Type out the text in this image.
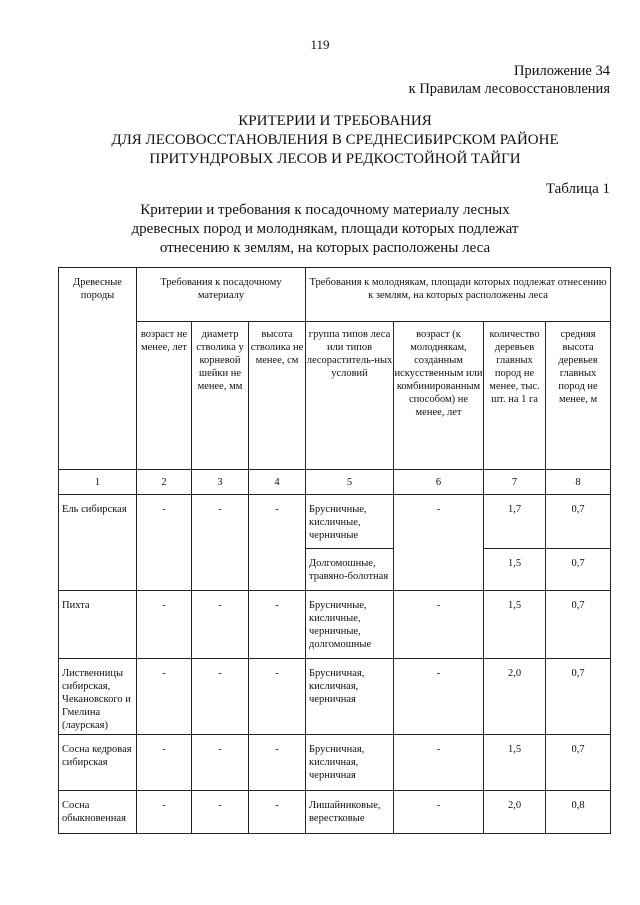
119
Приложение 34
к Правилам лесовосстановления
КРИТЕРИИ И ТРЕБОВАНИЯ
ДЛЯ ЛЕСОВОССТАНОВЛЕНИЯ В СРЕДНЕСИБИРСКОМ РАЙОНЕ
ПРИТУНДРОВЫХ ЛЕСОВ И РЕДКОСТОЙНОЙ ТАЙГИ
Таблица 1
Критерии и требования к посадочному материалу лесных
древесных пород и молоднякам, площади которых подлежат
отнесению к землям, на которых расположены леса
Древесные породы	Требования к посадочному материалу			Требования к молоднякам, площади которых подлежат отнесению к землям, на которых расположены леса			
	возраст не менее, лет	диаметр стволика у корневой шейки не менее, мм	высота стволика не менее, см	группа типов леса или типов лесораститель-ных условий	возраст (к молоднякам, созданным искусственным или комбинированным способом) не менее, лет	количество деревьев главных пород не менее, тыс. шт. на 1 га	средняя высота деревьев главных пород не менее, м
1	2	3	4	5	6	7	8
Ель сибирская	-	-	-	Брусничные, кисличные, черничные	-	1,7	0,7
				Долгомошные, травяно-болотная		1,5	0,7
Пихта	-	-	-	Брусничные, кисличные, черничные, долгомошные	-	1,5	0,7
Лиственницы сибирская, Чекановского и Гмелина (лаурская)	-	-	-	Брусничная, кисличная, черничная	-	2,0	0,7
Сосна кедровая сибирская	-	-	-	Брусничная, кисличная, черничная	-	1,5	0,7
Сосна обыкновенная	-	-	-	Лишайниковые, верестковые	-	2,0	0,8
